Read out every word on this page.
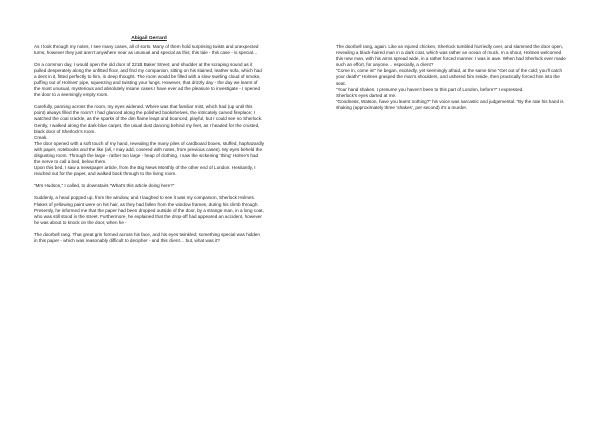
Abigail Gerrard

As I look through my notes, I see many cases, all of sorts. Many of them hold surprising twists and unexpected turns, however they just aren't anywhere near as unusual and special as this; this tale - this case - is special…

On a common day, I would open the old door of 221B Baker Street, and shudder at the scraping sound as it pulled desperately along the unfitted floor, and find my companion, sitting on his stained, leather sofa, which had a dent in it, fitted perfectly to him, in deep thought. The room would be filled with a slow swirling cloud of smoke, puffing out of Holmes' pipe, squeezing and twisting your lungs. However, that drizzly day - the day we learnt of the most unusual, mysterious and absolutely insane cases I have ever ad the pleasure to investigate - I opened the door to a seemingly empty room.

Carefully, panning across the room, my eyes widened. Where was that familiar mist, which had (up until this point) always filled the room? I had glanced along the polished bookshelves, the intricately carved fireplace; I watched the coal crackle, as the sparks of the dim flame leapt and bounced, playful, but I could see no Sherlock. Gently, I walked along the dark-blue carpet, the usual dust dancing behind my feet, as I headed for the crusted, black door of Sherlock's room.

Creak.

The door opened with a soft touch of my hand, revealing the many piles of cardboard boxes, stuffed, haphazardly with paper, notebooks and the like (all, I may add, covered with notes, from previous cases). My eyes beheld the disgusting room. Through the large - rather too large - heap of clothing, I saw the sickening ‘thing’ Holme's had the nerve to call a bed, below them.

Upon this bed, I saw a newspaper article, from the Big News Monthly of the other end of London. Hesitantly, I reached out for the paper, and walked back through to the living room.

“Mrs Hudson,” I called, to downstairs “What's this article doing here?”

Suddenly, a head popped up, from the window, and I laughed to see it was my companion, Sherlock Holmes. Flakes of yellowing paint were on his hair, as they had fallen from the window frames, during his climb through. Presently, he informed me that the paper had been dropped outside of the door, by a strange man, in a long coat, who was still stood in the street. Furthermore, he explained that the drop-off had appeared an accident, however he was about to knock on the door, when he -

The doorbell rang. That great grin formed across his face, and his eyes twinkled; something special was hidden in this paper - which was reasonably difficult to decipher - and this client… but, what was it?

The doorbell rang, again. Like an injured chicken, Sherlock tumbled hurriedly over, and slammed the door open, revealing a black-haired man in a dark coat, which was rather an ocean of muck. In a shout, Holmes welcomed this new man, with his arms spread wide, in a rather forced manner. I was in awe. When had Sherlock ever made such an effort, for anyone… especially, a client?

“Come in, come in!” he began, excitedly, yet seemingly afraid, at the same time “Get out of the cold; you'll catch your death!” Holmes grasped the man's shoulders, and ushered him inside, then practically forced him into the seat.

“Your hand shakes. I presume you haven't been to this part of London, before?” I expressed.

Sherlock's eyes darted at me.

“Goodness, Watson, have you learnt nothing?” his voice was sarcastic and judgemental. “By the rate his hand is shaking (approximately three ‘shakes’, per second) it's a murder.
